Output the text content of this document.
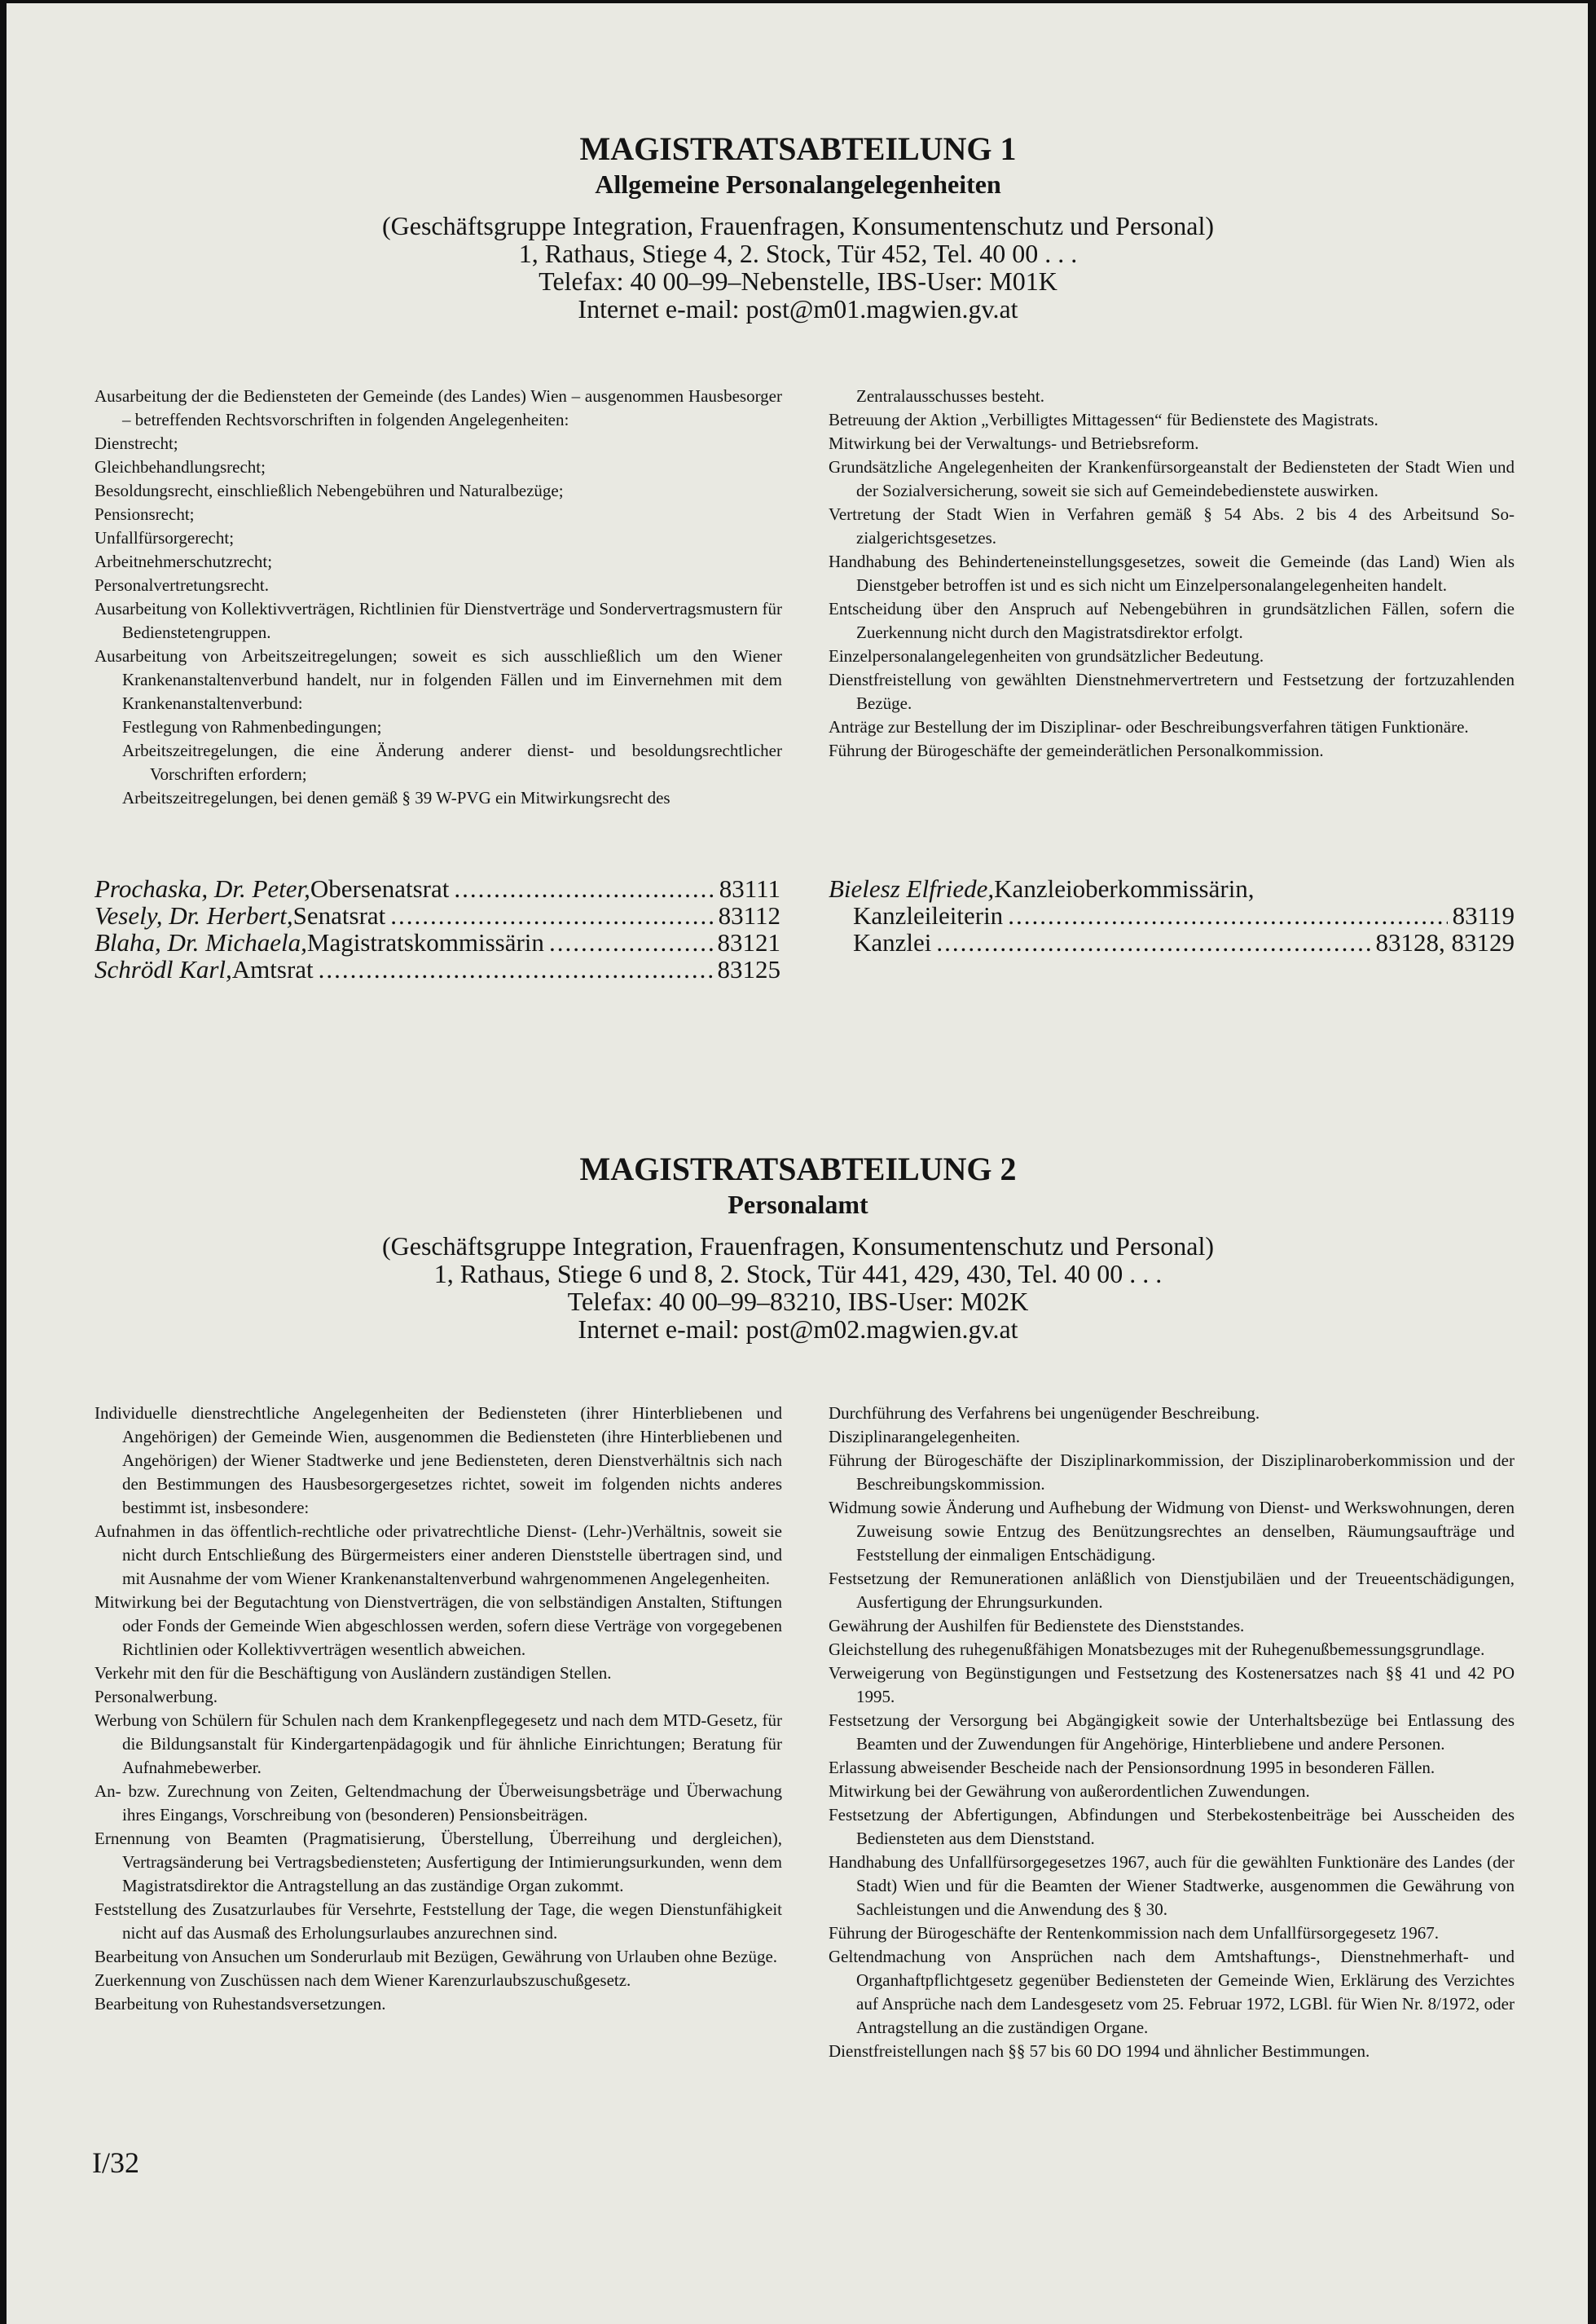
MAGISTRATSABTEILUNG 1
Allgemeine Personalangelegenheiten
(Geschäftsgruppe Integration, Frauenfragen, Konsumentenschutz und Personal)
1, Rathaus, Stiege 4, 2. Stock, Tür 452, Tel. 40 00 . . .
Telefax: 40 00–99–Nebenstelle, IBS-User: M01K
Internet e-mail: post@m01.magwien.gv.at

Ausarbeitung der die Bediensteten der Gemeinde (des Landes) Wien – ausgenommen Hausbesorger – betreffenden Rechtsvorschriften in folgenden Angelegenheiten:

Dienstrecht;

Gleichbehandlungsrecht;

Besoldungsrecht, einschließlich Nebengebühren und Naturalbezüge;

Pensionsrecht;

Unfallfürsorgerecht;

Arbeitnehmerschutzrecht;

Personalvertretungsrecht.

Ausarbeitung von Kollektivverträgen, Richtlinien für Dienstverträge und Sondervertragsmustern für Bedienstetengruppen.

Ausarbeitung von Arbeitszeitregelungen; soweit es sich ausschließlich um den Wiener Krankenanstaltenverbund handelt, nur in folgenden Fällen und im Einvernehmen mit dem Krankenanstaltenverbund:

Festlegung von Rahmenbedingungen;

Arbeitszeitregelungen, die eine Änderung anderer dienst- und besoldungsrechtlicher Vorschriften erfordern;

Arbeitszeitregelungen, bei denen gemäß § 39 W-PVG ein Mitwirkungsrecht des

Zentralausschusses besteht.

Betreuung der Aktion „Verbilligtes Mittagessen“ für Bedienstete des Magistrats.

Mitwirkung bei der Verwaltungs- und Betriebsreform.

Grundsätzliche Angelegenheiten der Krankenfürsorgeanstalt der Bediensteten der Stadt Wien und der Sozialversicherung, soweit sie sich auf Gemeindebedienstete auswirken.

Vertretung der Stadt Wien in Verfahren gemäß § 54 Abs. 2 bis 4 des Arbeitsund Sozialgerichtsgesetzes.

Handhabung des Behinderteneinstellungsgesetzes, soweit die Gemeinde (das Land) Wien als Dienstgeber betroffen ist und es sich nicht um Einzelpersonalangelegenheiten handelt.

Entscheidung über den Anspruch auf Nebengebühren in grundsätzlichen Fällen, sofern die Zuerkennung nicht durch den Magistratsdirektor erfolgt.

Einzelpersonalangelegenheiten von grundsätzlicher Bedeutung.

Dienstfreistellung von gewählten Dienstnehmervertretern und Festsetzung der fortzuzahlenden Bezüge.

Anträge zur Bestellung der im Disziplinar- oder Beschreibungsverfahren tätigen Funktionäre.

Führung der Bürogeschäfte der gemeinderätlichen Personalkommission.

Prochaska, Dr. Peter, Obersenatsrat .....	83111
Vesely, Dr. Herbert, Senatsrat .....	83112
Blaha, Dr. Michaela, Magistratskommissärin .....	83121
Schrödl Karl, Amtsrat .....	83125
Bielesz Elfriede, Kanzleioberkommissärin,
Kanzleileiterin .....	83119
Kanzlei .....	83128, 83129
MAGISTRATSABTEILUNG 2
Personalamt
(Geschäftsgruppe Integration, Frauenfragen, Konsumentenschutz und Personal)
1, Rathaus, Stiege 6 und 8, 2. Stock, Tür 441, 429, 430, Tel. 40 00 . . .
Telefax: 40 00–99–83210, IBS-User: M02K
Internet e-mail: post@m02.magwien.gv.at

Individuelle dienstrechtliche Angelegenheiten der Bediensteten (ihrer Hinterbliebenen und Angehörigen) der Gemeinde Wien, ausgenommen die Bediensteten (ihre Hinterbliebenen und Angehörigen) der Wiener Stadtwerke und jene Bediensteten, deren Dienstverhältnis sich nach den Bestimmungen des Hausbesorgergesetzes richtet, soweit im folgenden nichts anderes bestimmt ist, insbesondere:

Aufnahmen in das öffentlich-rechtliche oder privatrechtliche Dienst- (Lehr-)Verhältnis, soweit sie nicht durch Entschließung des Bürgermeisters einer anderen Dienststelle übertragen sind, und mit Ausnahme der vom Wiener Krankenanstaltenverbund wahrgenommenen Angelegenheiten.

Mitwirkung bei der Begutachtung von Dienstverträgen, die von selbständigen Anstalten, Stiftungen oder Fonds der Gemeinde Wien abgeschlossen werden, sofern diese Verträge von vorgegebenen Richtlinien oder Kollektivverträgen wesentlich abweichen.

Verkehr mit den für die Beschäftigung von Ausländern zuständigen Stellen.

Personalwerbung.

Werbung von Schülern für Schulen nach dem Krankenpflegegesetz und nach dem MTD-Gesetz, für die Bildungsanstalt für Kindergartenpädagogik und für ähnliche Einrichtungen; Beratung für Aufnahmebewerber.

An- bzw. Zurechnung von Zeiten, Geltendmachung der Überweisungsbeträge und Überwachung ihres Eingangs, Vorschreibung von (besonderen) Pensionsbeiträgen.

Ernennung von Beamten (Pragmatisierung, Überstellung, Überreihung und dergleichen), Vertragsänderung bei Vertragsbediensteten; Ausfertigung der Intimierungsurkunden, wenn dem Magistratsdirektor die Antragstellung an das zuständige Organ zukommt.

Feststellung des Zusatzurlaubes für Versehrte, Feststellung der Tage, die wegen Dienstunfähigkeit nicht auf das Ausmaß des Erholungsurlaubes anzurechnen sind.

Bearbeitung von Ansuchen um Sonderurlaub mit Bezügen, Gewährung von Urlauben ohne Bezüge.

Zuerkennung von Zuschüssen nach dem Wiener Karenzurlaubszuschußgesetz.

Bearbeitung von Ruhestandsversetzungen.

Durchführung des Verfahrens bei ungenügender Beschreibung.

Disziplinarangelegenheiten.

Führung der Bürogeschäfte der Disziplinarkommission, der Disziplinaroberkommission und der Beschreibungskommission.

Widmung sowie Änderung und Aufhebung der Widmung von Dienst- und Werkswohnungen, deren Zuweisung sowie Entzug des Benützungsrechtes an denselben, Räumungsaufträge und Feststellung der einmaligen Entschädigung.

Festsetzung der Remunerationen anläßlich von Dienstjubiläen und der Treueentschädigungen, Ausfertigung der Ehrungsurkunden.

Gewährung der Aushilfen für Bedienstete des Dienststandes.

Gleichstellung des ruhegenußfähigen Monatsbezuges mit der Ruhegenußbemessungsgrundlage.

Verweigerung von Begünstigungen und Festsetzung des Kostenersatzes nach §§ 41 und 42 PO 1995.

Festsetzung der Versorgung bei Abgängigkeit sowie der Unterhaltsbezüge bei Entlassung des Beamten und der Zuwendungen für Angehörige, Hinterbliebene und andere Personen.

Erlassung abweisender Bescheide nach der Pensionsordnung 1995 in besonderen Fällen.

Mitwirkung bei der Gewährung von außerordentlichen Zuwendungen.

Festsetzung der Abfertigungen, Abfindungen und Sterbekostenbeiträge bei Ausscheiden des Bediensteten aus dem Dienststand.

Handhabung des Unfallfürsorgegesetzes 1967, auch für die gewählten Funktionäre des Landes (der Stadt) Wien und für die Beamten der Wiener Stadtwerke, ausgenommen die Gewährung von Sachleistungen und die Anwendung des § 30.

Führung der Bürogeschäfte der Rentenkommission nach dem Unfallfürsorgegesetz 1967.

Geltendmachung von Ansprüchen nach dem Amtshaftungs-, Dienstnehmerhaft- und Organhaftpflichtgesetz gegenüber Bediensteten der Gemeinde Wien, Erklärung des Verzichtes auf Ansprüche nach dem Landesgesetz vom 25. Februar 1972, LGBl. für Wien Nr. 8/1972, oder Antragstellung an die zuständigen Organe.

Dienstfreistellungen nach §§ 57 bis 60 DO 1994 und ähnlicher Bestimmungen.

I/32
